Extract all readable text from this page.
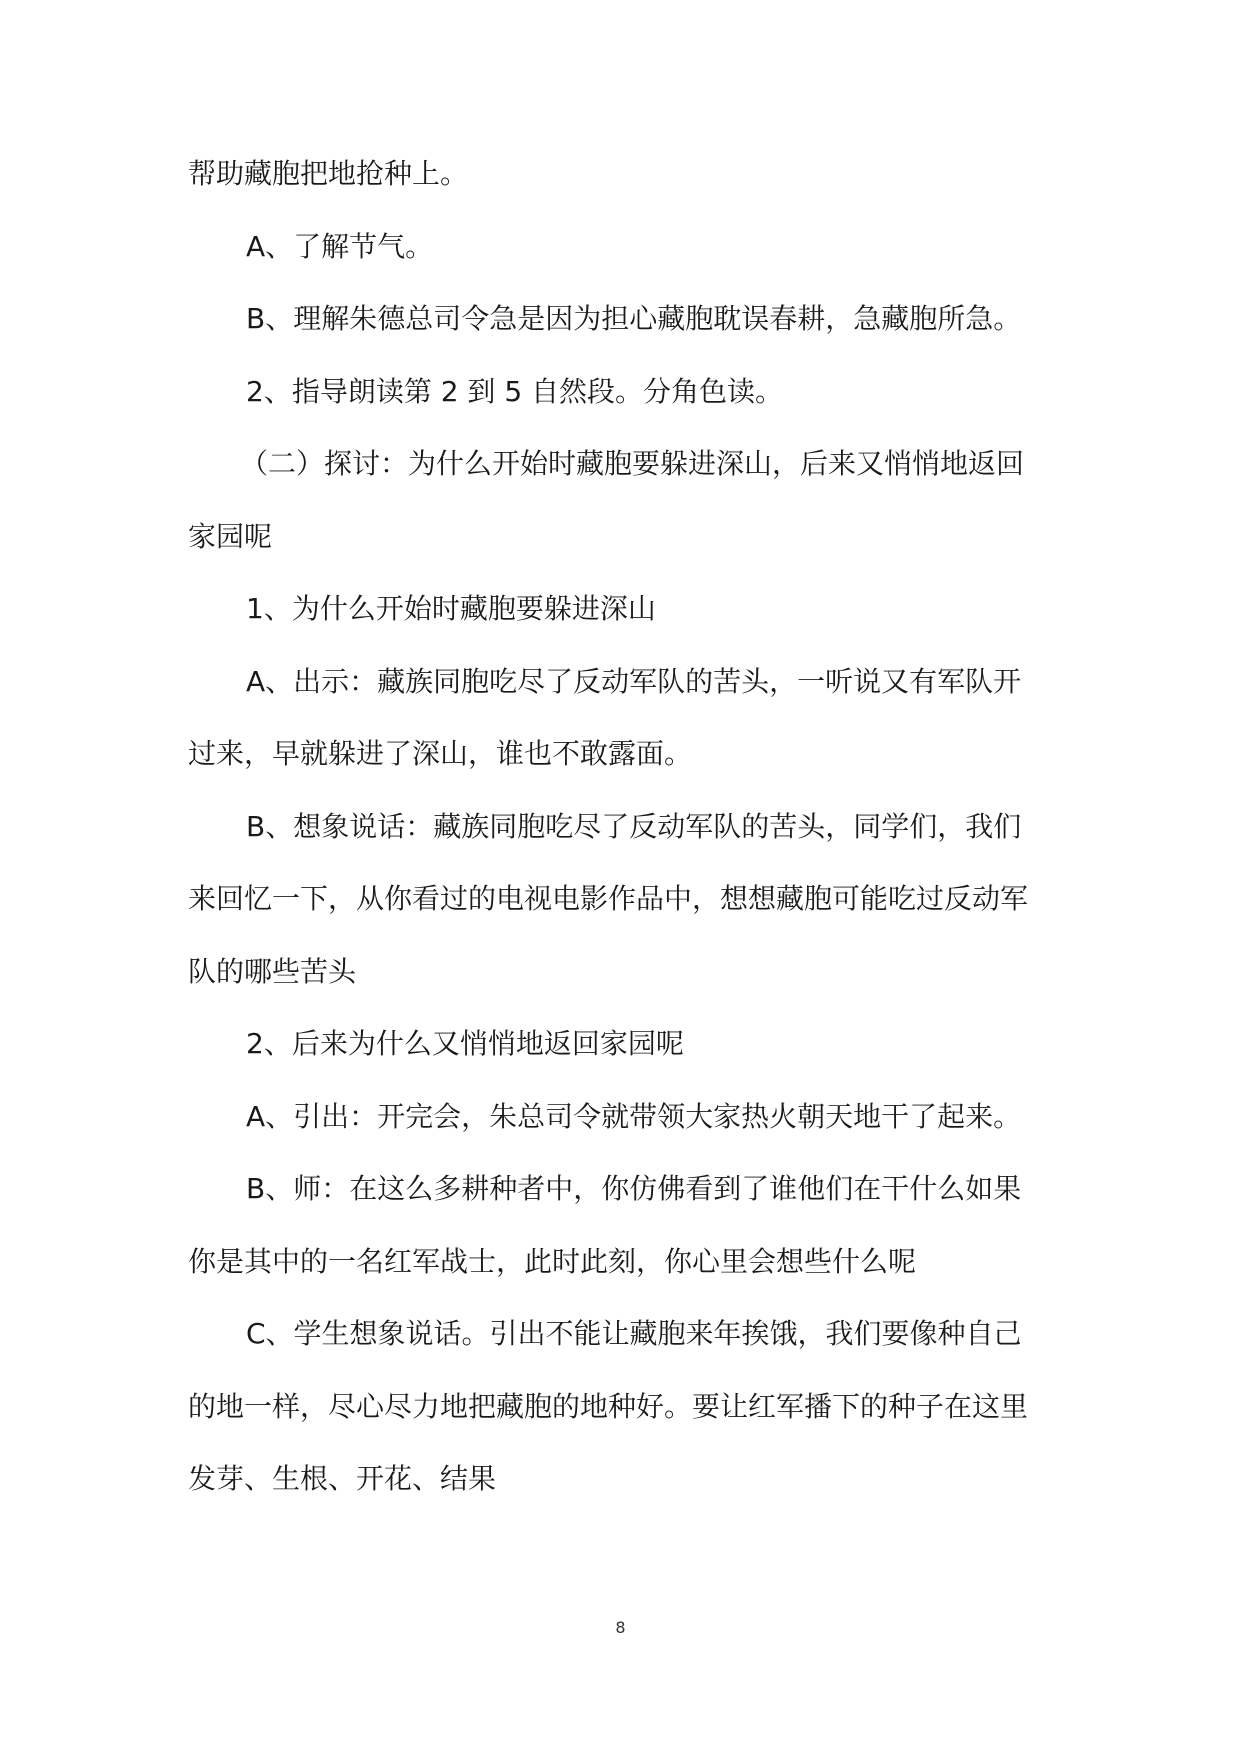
帮助藏胞把地抢种上。
A、了解节气。
B、理解朱德总司令急是因为担心藏胞耽误春耕，急藏胞所急。
2、指导朗读第 2 到 5 自然段。分角色读。
（二）探讨：为什么开始时藏胞要躲进深山，后来又悄悄地返回
家园呢
1、为什么开始时藏胞要躲进深山
A、出示：藏族同胞吃尽了反动军队的苦头，一听说又有军队开
过来，早就躲进了深山，谁也不敢露面。
B、想象说话：藏族同胞吃尽了反动军队的苦头，同学们，我们
来回忆一下，从你看过的电视电影作品中，想想藏胞可能吃过反动军
队的哪些苦头
2、后来为什么又悄悄地返回家园呢
A、引出：开完会，朱总司令就带领大家热火朝天地干了起来。
B、师：在这么多耕种者中，你仿佛看到了谁他们在干什么如果
你是其中的一名红军战士，此时此刻，你心里会想些什么呢
C、学生想象说话。引出不能让藏胞来年挨饿，我们要像种自己
的地一样，尽心尽力地把藏胞的地种好。要让红军播下的种子在这里
发芽、生根、开花、结果
8
